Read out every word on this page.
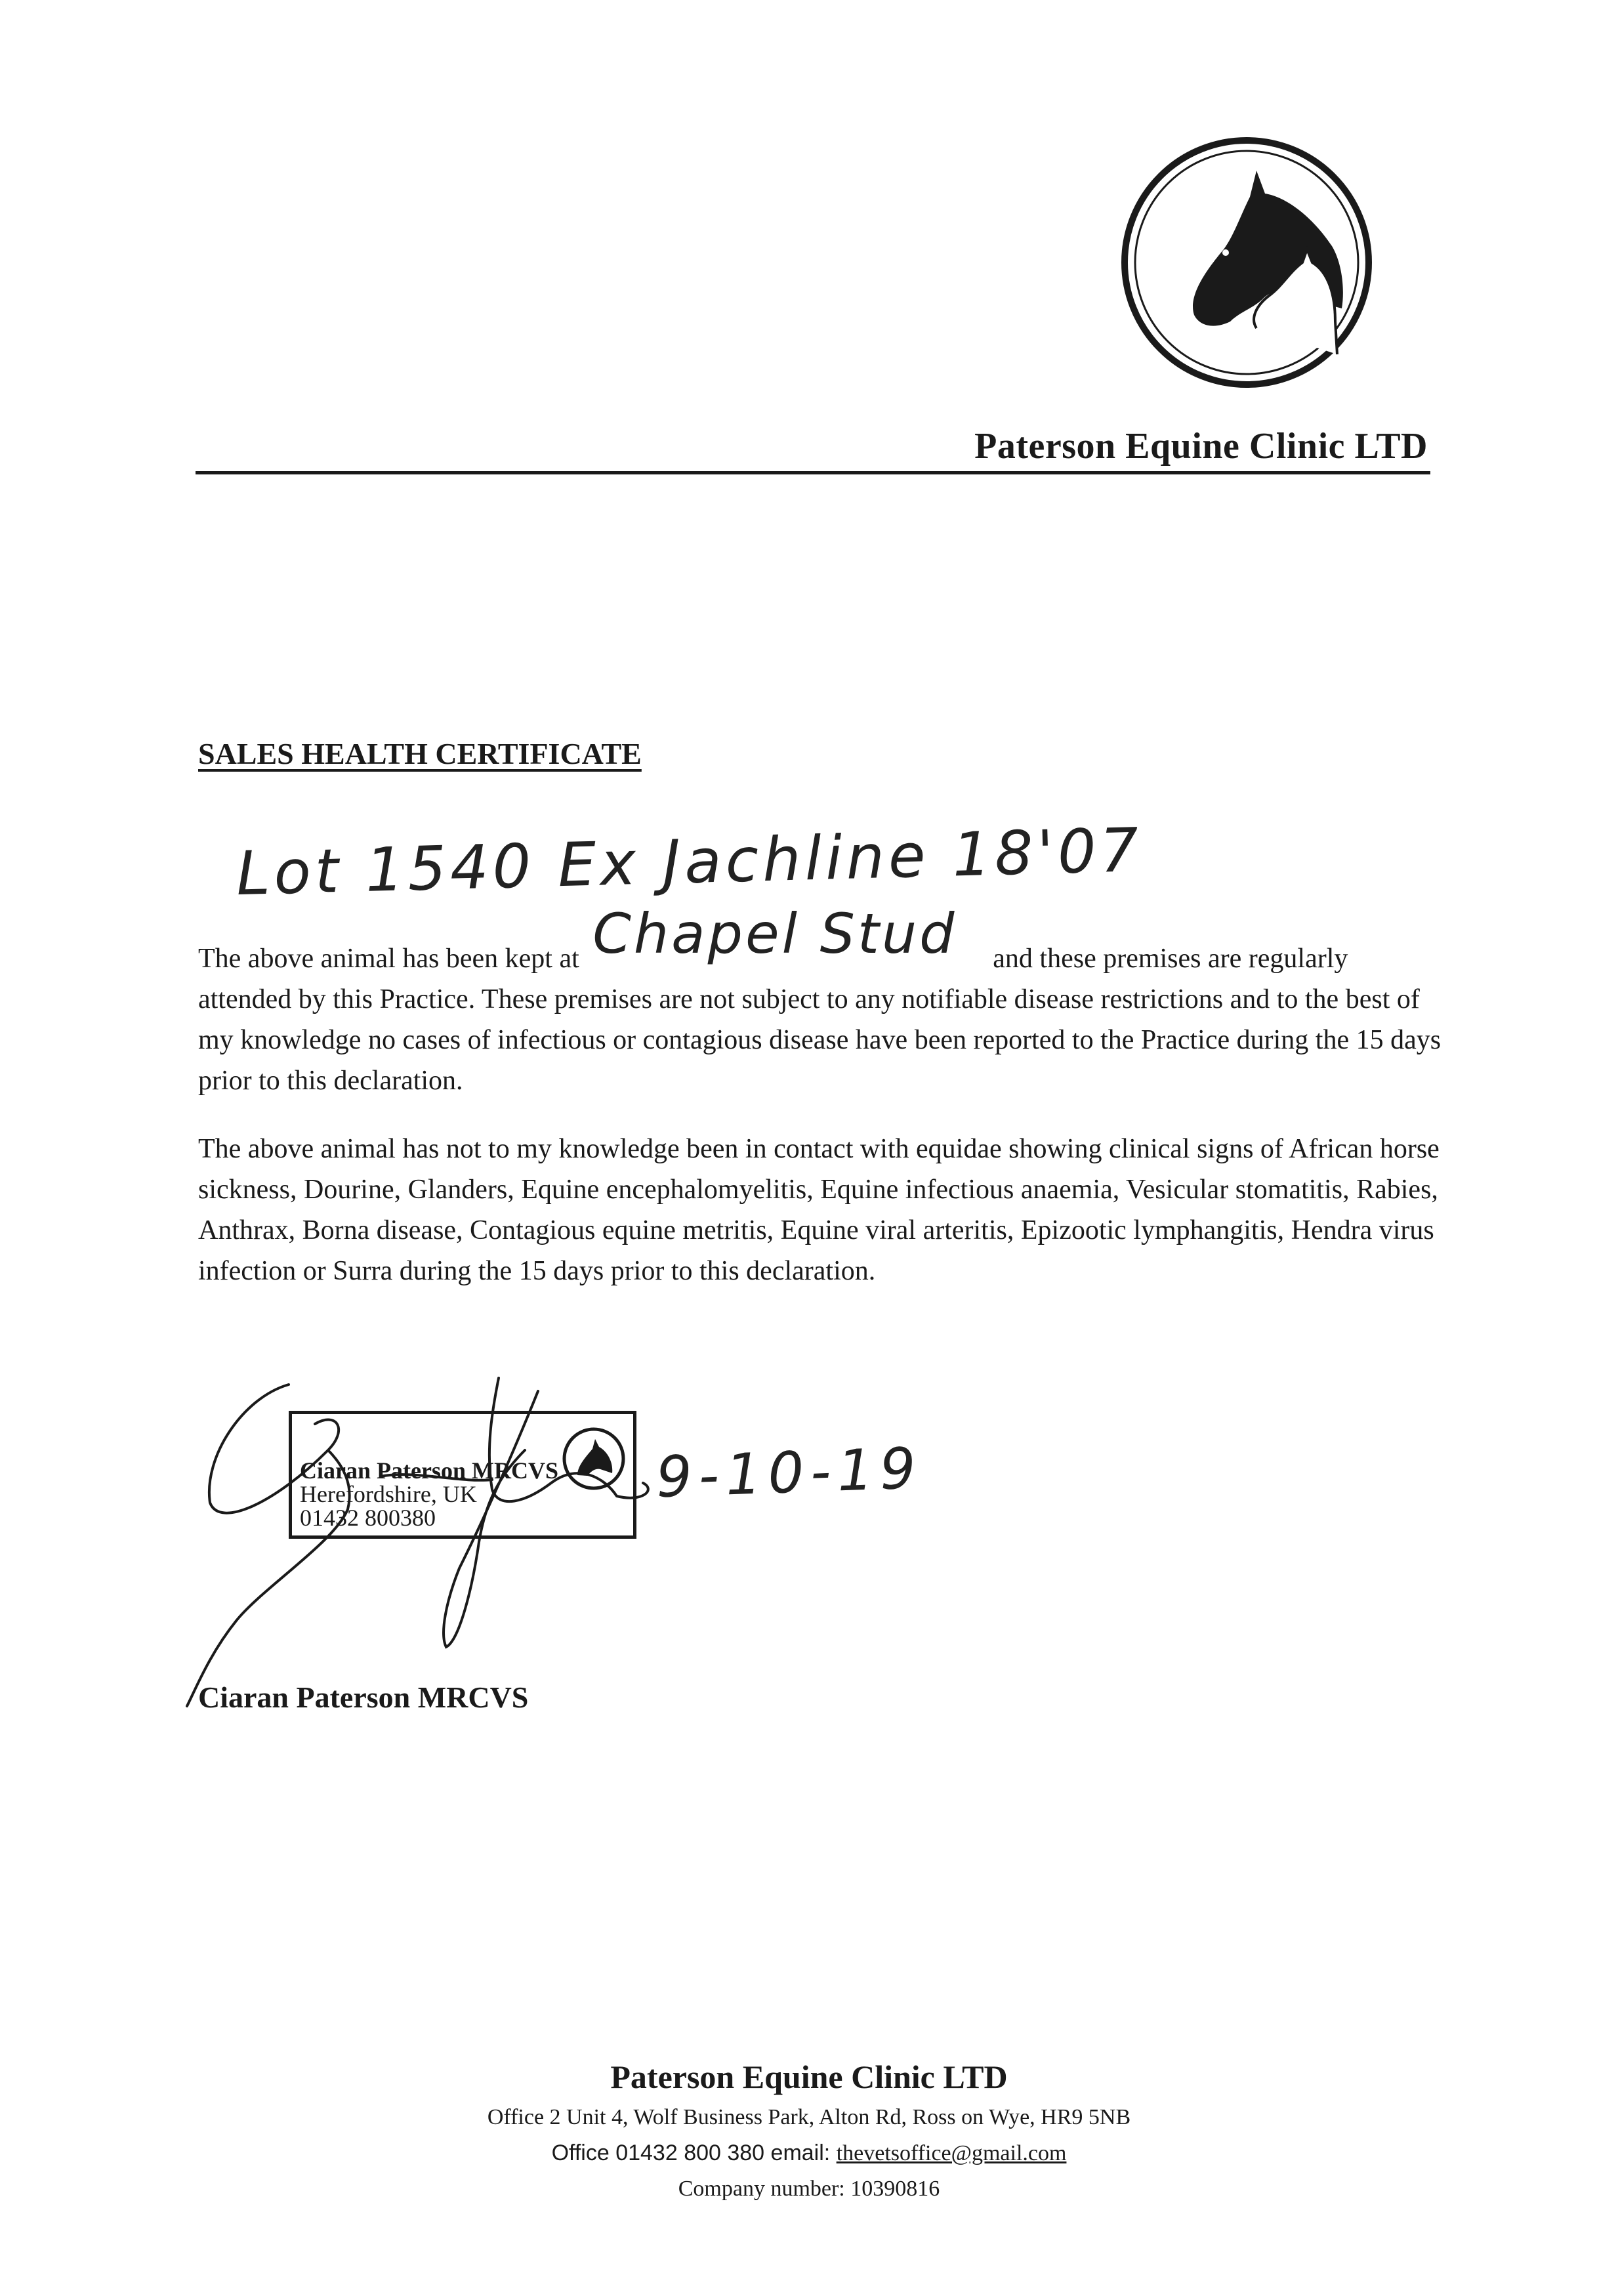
Paterson Equine Clinic LTD
SALES HEALTH CERTIFICATE
Lot 1540 Ex Jachline 18'07
The above animal has been kept at Chapel Stud and these premises are regularly attended by this Practice. These premises are not subject to any notifiable disease restrictions and to the best of my knowledge no cases of infectious or contagious disease have been reported to the Practice during the 15 days prior to this declaration.
The above animal has not to my knowledge been in contact with equidae showing clinical signs of African horse sickness, Dourine, Glanders, Equine encephalomyelitis, Equine infectious anaemia, Vesicular stomatitis, Rabies, Anthrax, Borna disease, Contagious equine metritis, Equine viral arteritis, Epizootic lymphangitis, Hendra virus infection or Surra during the 15 days prior to this declaration.
Ciaran Paterson MRCVS
Herefordshire, UK
01432 800380
9-10-19
Ciaran Paterson MRCVS
Paterson Equine Clinic LTD
Office 2 Unit 4, Wolf Business Park, Alton Rd, Ross on Wye, HR9 5NB
Office 01432 800 380 email: thevetsoffice@gmail.com
Company number: 10390816
